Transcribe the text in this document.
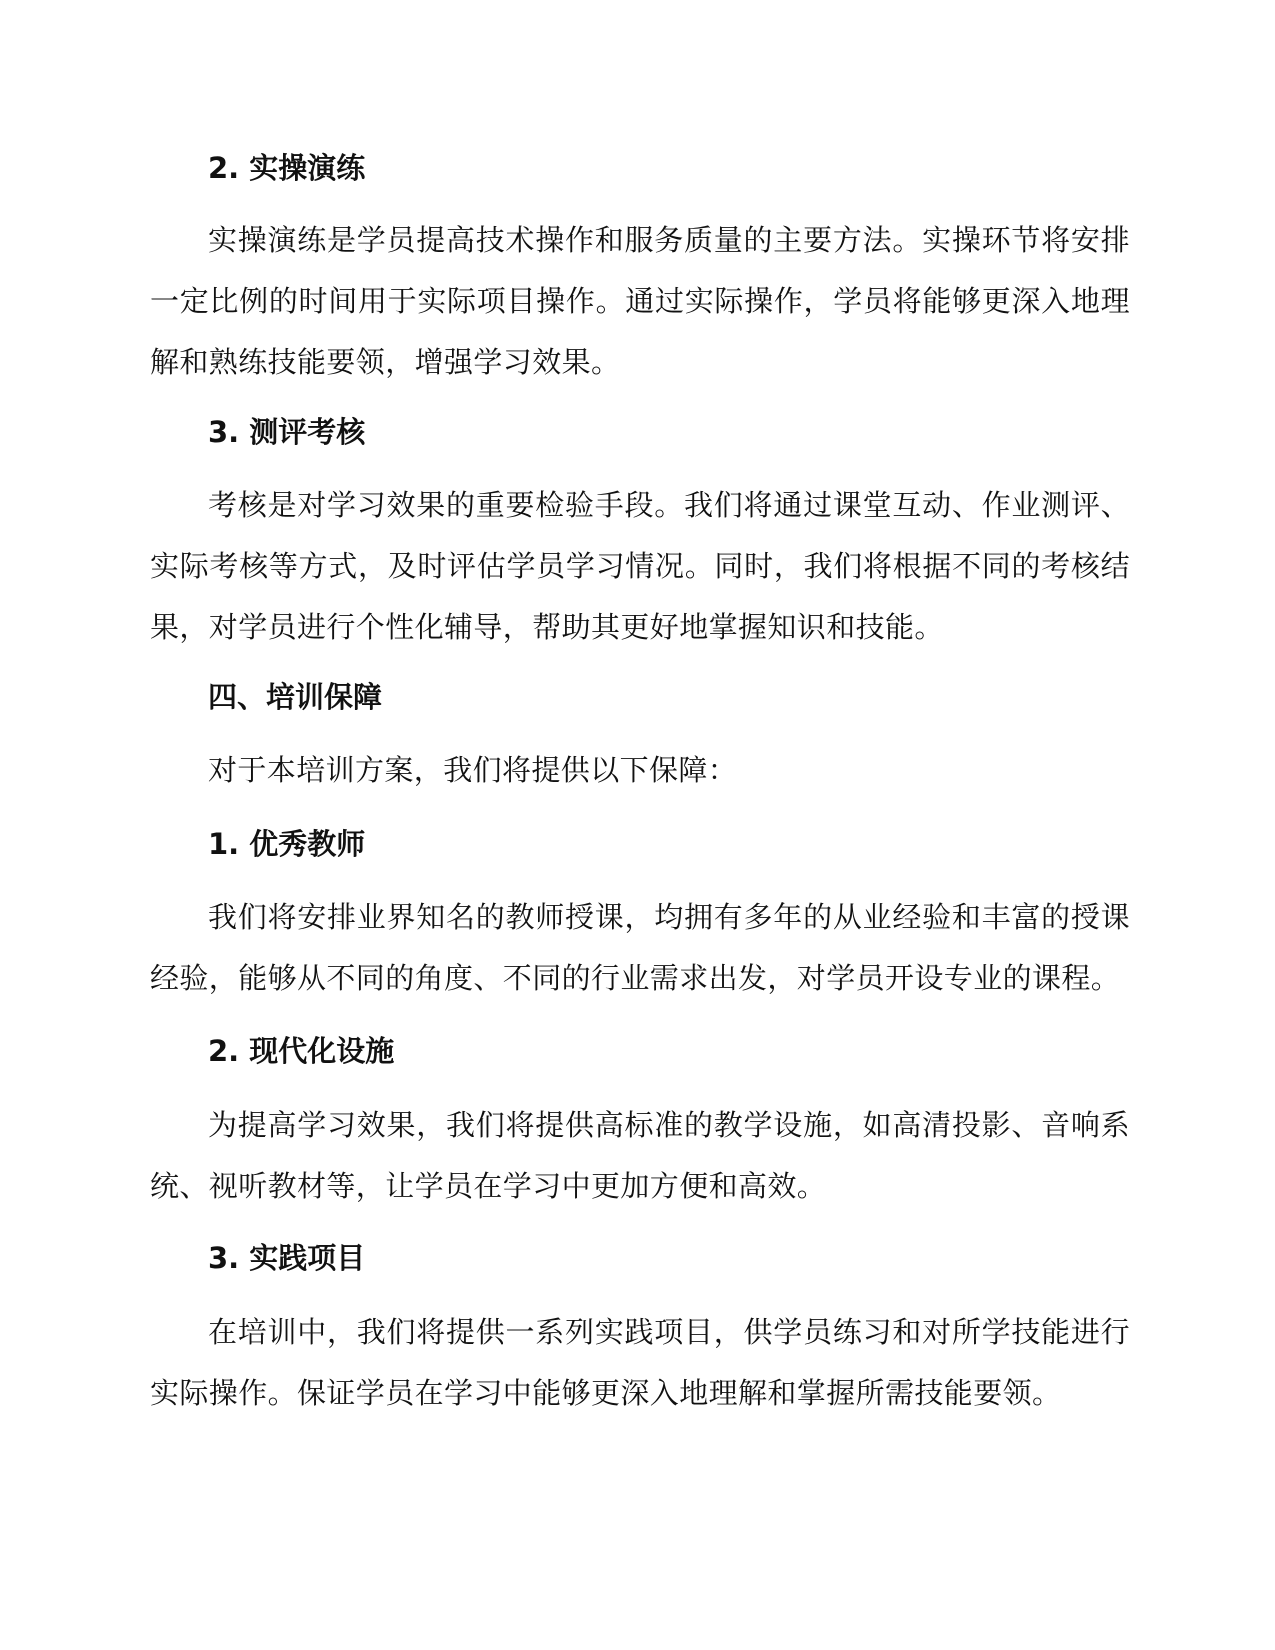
2. 实操演练

实操演练是学员提高技术操作和服务质量的主要方法。实操环节将安排一定比例的时间用于实际项目操作。通过实际操作，学员将能够更深入地理解和熟练技能要领，增强学习效果。

3. 测评考核

考核是对学习效果的重要检验手段。我们将通过课堂互动、作业测评、实际考核等方式，及时评估学员学习情况。同时，我们将根据不同的考核结果，对学员进行个性化辅导，帮助其更好地掌握知识和技能。

四、培训保障

对于本培训方案，我们将提供以下保障：

1. 优秀教师

我们将安排业界知名的教师授课，均拥有多年的从业经验和丰富的授课经验，能够从不同的角度、不同的行业需求出发，对学员开设专业的课程。

2. 现代化设施

为提高学习效果，我们将提供高标准的教学设施，如高清投影、音响系统、视听教材等，让学员在学习中更加方便和高效。

3. 实践项目

在培训中，我们将提供一系列实践项目，供学员练习和对所学技能进行实际操作。保证学员在学习中能够更深入地理解和掌握所需技能要领。
